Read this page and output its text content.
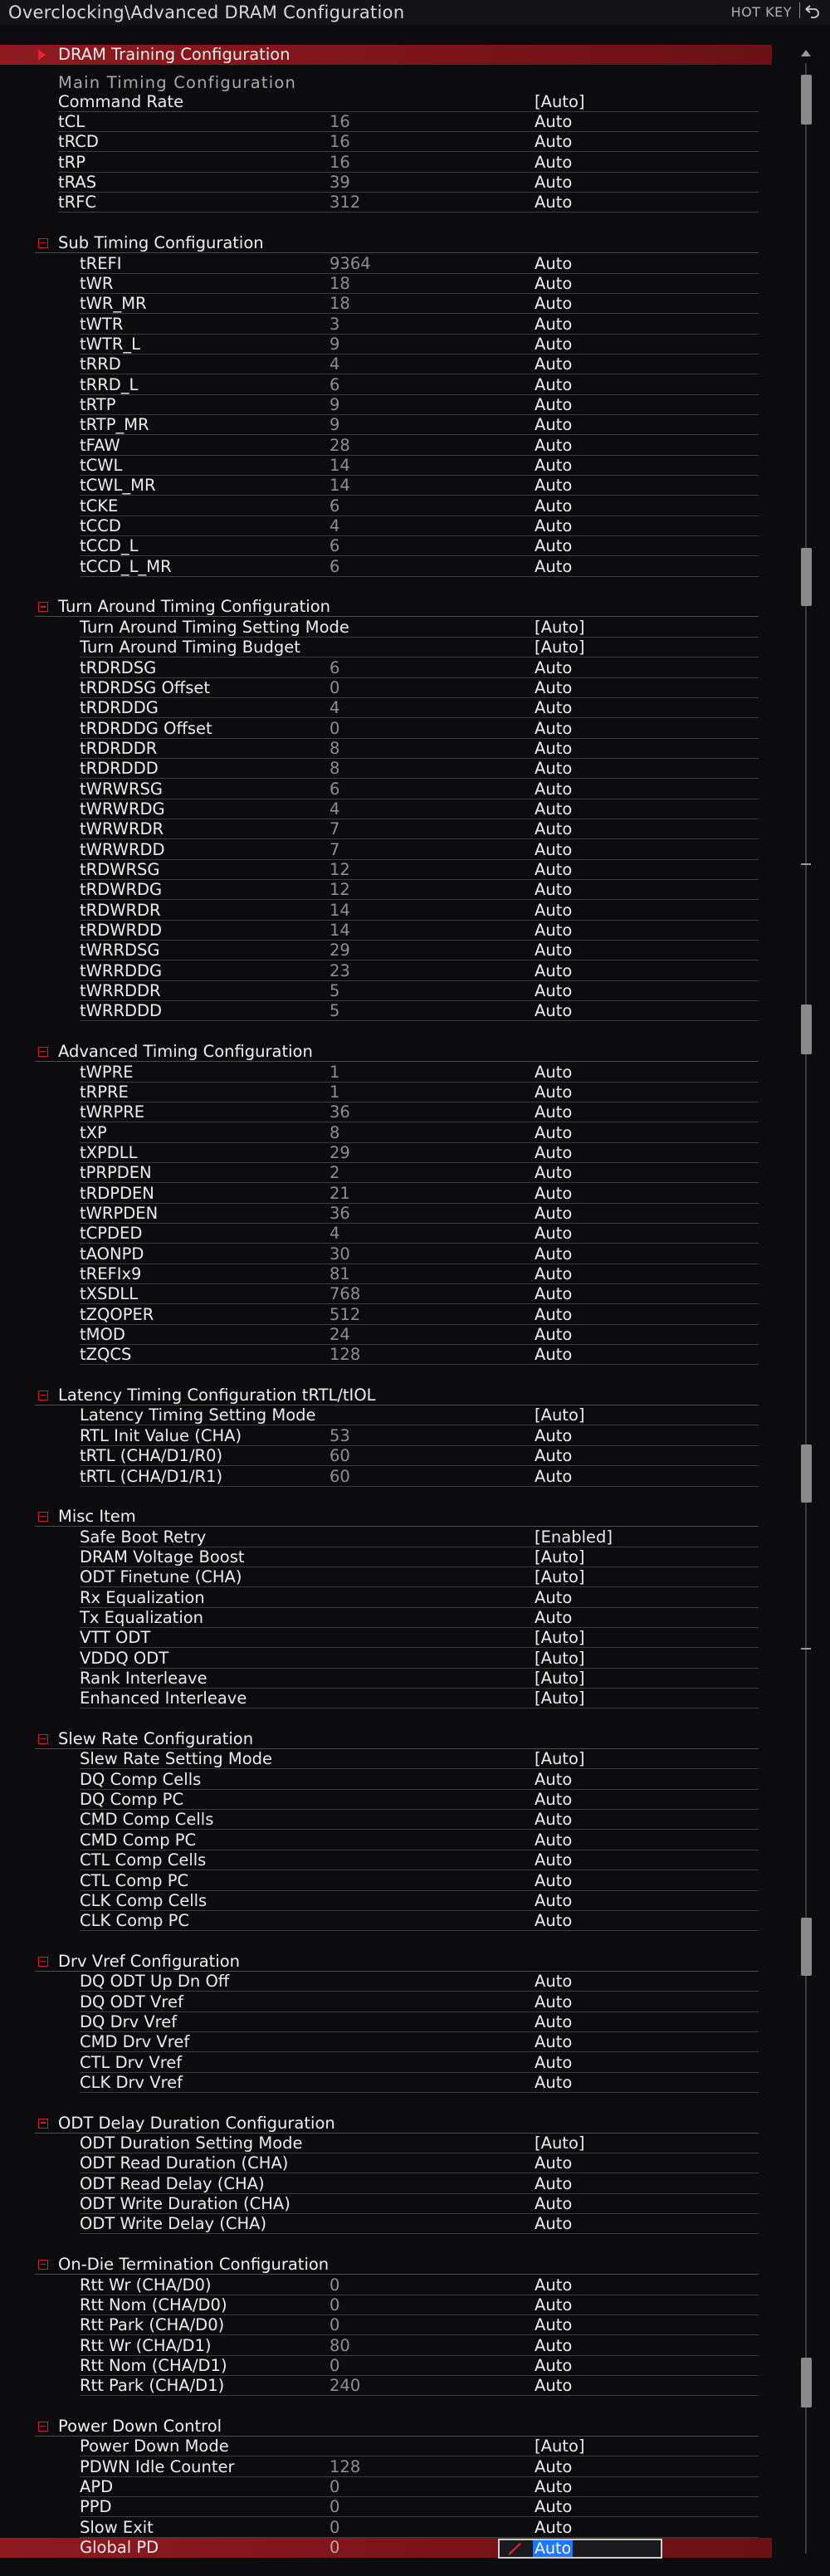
Overclocking\Advanced DRAM Configuration	HOT KEY
DRAM Training Configuration
Main Timing Configuration
Command Rate	[Auto]
tCL	16	Auto
tRCD	16	Auto
tRP	16	Auto
tRAS	39	Auto
tRFC	312	Auto
Sub Timing Configuration
tREFI	9364	Auto
tWR	18	Auto
tWR_MR	18	Auto
tWTR	3	Auto
tWTR_L	9	Auto
tRRD	4	Auto
tRRD_L	6	Auto
tRTP	9	Auto
tRTP_MR	9	Auto
tFAW	28	Auto
tCWL	14	Auto
tCWL_MR	14	Auto
tCKE	6	Auto
tCCD	4	Auto
tCCD_L	6	Auto
tCCD_L_MR	6	Auto
Turn Around Timing Configuration
Turn Around Timing Setting Mode	[Auto]
Turn Around Timing Budget	[Auto]
tRDRDSG	6	Auto
tRDRDSG Offset	0	Auto
tRDRDDG	4	Auto
tRDRDDG Offset	0	Auto
tRDRDDR	8	Auto
tRDRDDD	8	Auto
tWRWRSG	6	Auto
tWRWRDG	4	Auto
tWRWRDR	7	Auto
tWRWRDD	7	Auto
tRDWRSG	12	Auto
tRDWRDG	12	Auto
tRDWRDR	14	Auto
tRDWRDD	14	Auto
tWRRDSG	29	Auto
tWRRDDG	23	Auto
tWRRDDR	5	Auto
tWRRDDD	5	Auto
Advanced Timing Configuration
tWPRE	1	Auto
tRPRE	1	Auto
tWRPRE	36	Auto
tXP	8	Auto
tXPDLL	29	Auto
tPRPDEN	2	Auto
tRDPDEN	21	Auto
tWRPDEN	36	Auto
tCPDED	4	Auto
tAONPD	30	Auto
tREFIx9	81	Auto
tXSDLL	768	Auto
tZQOPER	512	Auto
tMOD	24	Auto
tZQCS	128	Auto
Latency Timing Configuration tRTL/tIOL
Latency Timing Setting Mode	[Auto]
RTL Init Value (CHA)	53	Auto
tRTL (CHA/D1/R0)	60	Auto
tRTL (CHA/D1/R1)	60	Auto
Misc Item
Safe Boot Retry	[Enabled]
DRAM Voltage Boost	[Auto]
ODT Finetune (CHA)	[Auto]
Rx Equalization	Auto
Tx Equalization	Auto
VTT ODT	[Auto]
VDDQ ODT	[Auto]
Rank Interleave	[Auto]
Enhanced Interleave	[Auto]
Slew Rate Configuration
Slew Rate Setting Mode	[Auto]
DQ Comp Cells	Auto
DQ Comp PC	Auto
CMD Comp Cells	Auto
CMD Comp PC	Auto
CTL Comp Cells	Auto
CTL Comp PC	Auto
CLK Comp Cells	Auto
CLK Comp PC	Auto
Drv Vref Configuration
DQ ODT Up Dn Off	Auto
DQ ODT Vref	Auto
DQ Drv Vref	Auto
CMD Drv Vref	Auto
CTL Drv Vref	Auto
CLK Drv Vref	Auto
ODT Delay Duration Configuration
ODT Duration Setting Mode	[Auto]
ODT Read Duration (CHA)	Auto
ODT Read Delay (CHA)	Auto
ODT Write Duration (CHA)	Auto
ODT Write Delay (CHA)	Auto
On-Die Termination Configuration
Rtt Wr (CHA/D0)	0	Auto
Rtt Nom (CHA/D0)	0	Auto
Rtt Park (CHA/D0)	0	Auto
Rtt Wr (CHA/D1)	80	Auto
Rtt Nom (CHA/D1)	0	Auto
Rtt Park (CHA/D1)	240	Auto
Power Down Control
Power Down Mode	[Auto]
PDWN Idle Counter	128	Auto
APD	0	Auto
PPD	0	Auto
Slow Exit	0	Auto
Global PD	0	Auto
